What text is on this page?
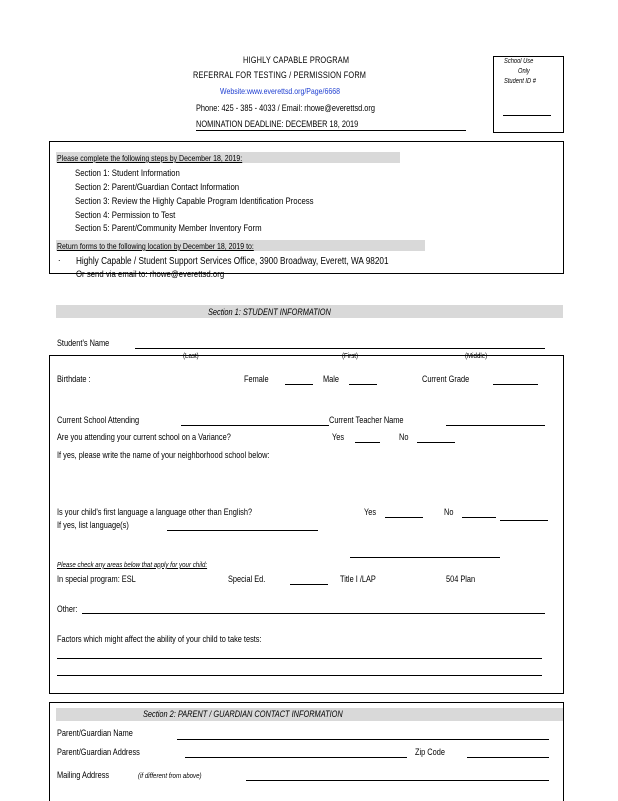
HIGHLY CAPABLE PROGRAM
REFERRAL FOR TESTING / PERMISSION FORM
Website:www.everettsd.org/Page/6668
Phone: 425 - 385 - 4033 / Email: rhowe@everettsd.org
NOMINATION DEADLINE: DECEMBER 18, 2019
School Use
Only
Student ID #
Please complete the following steps by December 18, 2019:
Section 1: Student Information
Section 2: Parent/Guardian Contact Information
Section 3: Review the Highly Capable Program Identification Process
Section 4: Permission to Test
Section 5: Parent/Community Member Inventory Form
Return forms to the following location by December 18, 2019 to:
. Highly Capable / Student Support Services Office, 3900 Broadway, Everett, WA 98201
. Or send via email to: rhowe@everettsd.org
Section 1: STUDENT INFORMATION
Student's Name
(Last)	(First)	(Middle)
Birthdate :	Female	Male	Current Grade
Current School Attending	Current Teacher Name
Are you attending your current school on a Variance?	Yes	No
If yes, please write the name of your neighborhood school below:
Is your child's first language a language other than English?	Yes	No
If yes, list language(s)
Please check any areas below that apply for your child:
In special program: ESL	Special Ed.	Title I /LAP	504 Plan
Other:
Factors which might affect the ability of your child to take tests:
Section 2: PARENT / GUARDIAN CONTACT INFORMATION
Parent/Guardian Name
Parent/Guardian Address	Zip Code
Mailing Address	(if different from above)
